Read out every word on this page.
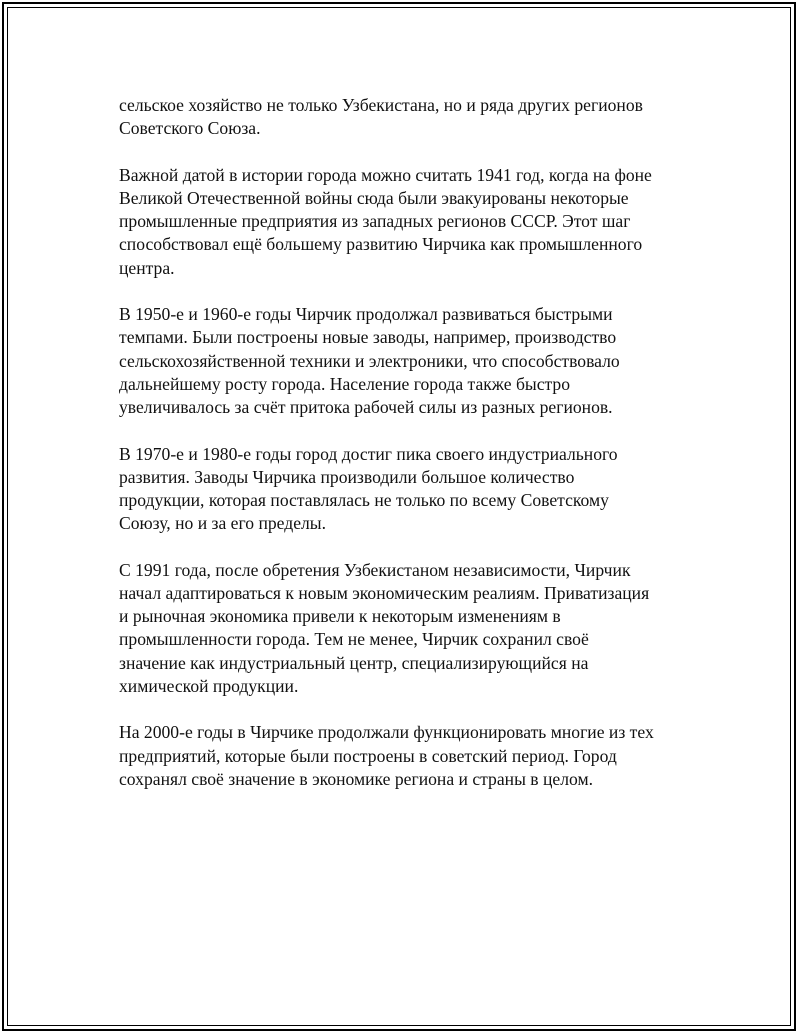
сельское хозяйство не только Узбекистана, но и ряда других регионов
Советского Союза.

Важной датой в истории города можно считать 1941 год, когда на фоне
Великой Отечественной войны сюда были эвакуированы некоторые
промышленные предприятия из западных регионов СССР. Этот шаг
способствовал ещё большему развитию Чирчика как промышленного
центра.

В 1950-е и 1960-е годы Чирчик продолжал развиваться быстрыми
темпами. Были построены новые заводы, например, производство
сельскохозяйственной техники и электроники, что способствовало
дальнейшему росту города. Население города также быстро
увеличивалось за счёт притока рабочей силы из разных регионов.

В 1970-е и 1980-е годы город достиг пика своего индустриального
развития. Заводы Чирчика производили большое количество
продукции, которая поставлялась не только по всему Советскому
Союзу, но и за его пределы.

С 1991 года, после обретения Узбекистаном независимости, Чирчик
начал адаптироваться к новым экономическим реалиям. Приватизация
и рыночная экономика привели к некоторым изменениям в
промышленности города. Тем не менее, Чирчик сохранил своё
значение как индустриальный центр, специализирующийся на
химической продукции.

На 2000-е годы в Чирчике продолжали функционировать многие из тех
предприятий, которые были построены в советский период. Город
сохранял своё значение в экономике региона и страны в целом.
